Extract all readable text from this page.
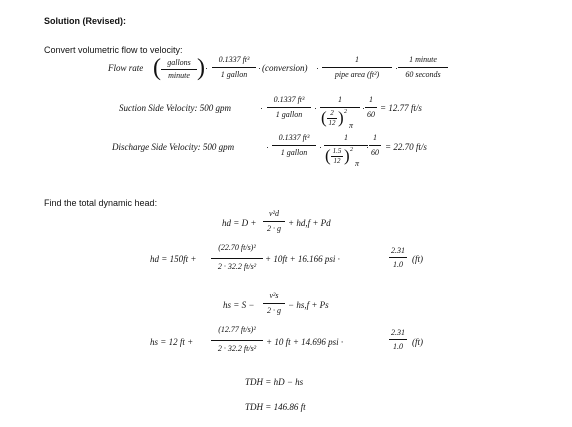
Solution (Revised):
Convert volumetric flow to velocity:
Flow rate ( gallons
minute ) ·
0.1337 ft³
1 gallon
· (conversion) ·
1
pipe area (ft²)
·
1 minute
60 seconds
Suction Side Velocity: 500 gpm	·
0.1337 ft³
1 gallon
·
1
( 2
12 ) 2
π
·
1
60
= 12.77 ft/s
Discharge Side Velocity: 500 gpm	·
0.1337 ft³
1 gallon
·
1
( 1.5
12 ) 2
π
·
1
60
= 22.70 ft/s
Find the total dynamic head:
hd = D +
v²d
2 · g
+ hd,f + Pd
hd = 150ft +
(22.70 ft/s)²
2 · 32.2 ft/s²
+ 10ft + 16.166 psi ·
2.31
1.0
(ft)
hs = S −
v²s
2 · g
− hs,f + Ps
hs = 12 ft +
(12.77 ft/s)²
2 · 32.2 ft/s²
+ 10 ft + 14.696 psi ·
2.31
1.0	(ft)
TDH = hD − hs
TDH = 146.86 ft
